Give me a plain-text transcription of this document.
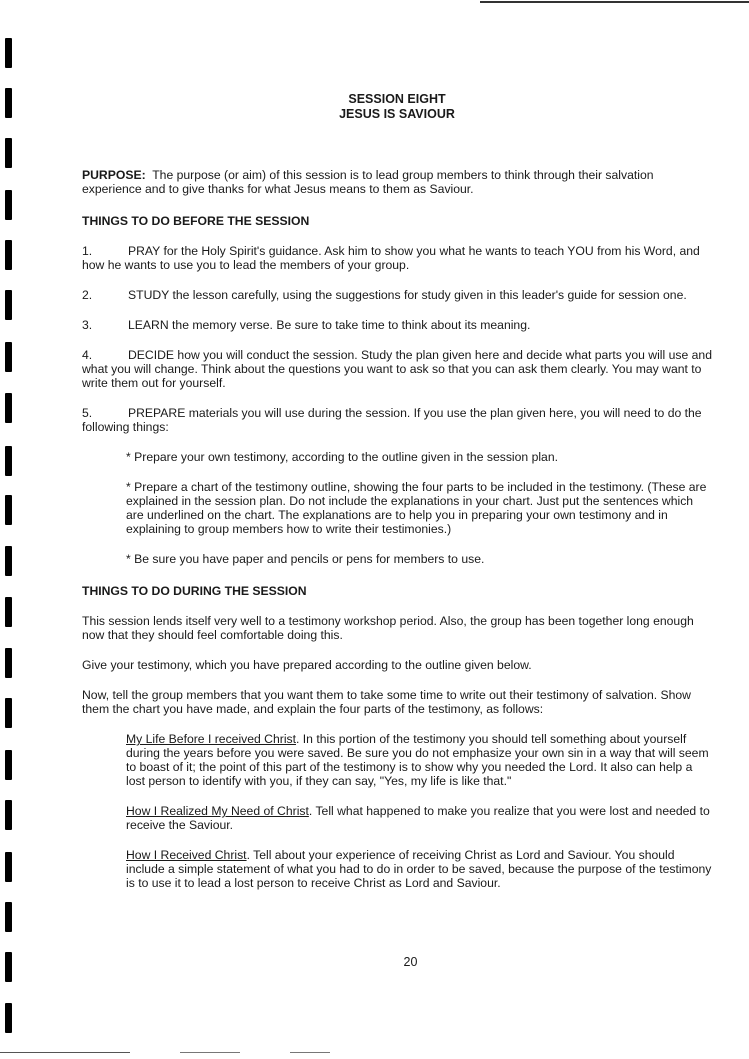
SESSION EIGHT
JESUS IS SAVIOUR

PURPOSE: The purpose (or aim) of this session is to lead group members to think through their salvation experience and to give thanks for what Jesus means to them as Saviour.

THINGS TO DO BEFORE THE SESSION

1.	PRAY for the Holy Spirit's guidance. Ask him to show you what he wants to teach YOU from his Word, and how he wants to use you to lead the members of your group.

2.	STUDY the lesson carefully, using the suggestions for study given in this leader's guide for session one.

3.	LEARN the memory verse. Be sure to take time to think about its meaning.

4.	DECIDE how you will conduct the session. Study the plan given here and decide what parts you will use and what you will change. Think about the questions you want to ask so that you can ask them clearly. You may want to write them out for yourself.

5.	PREPARE materials you will use during the session. If you use the plan given here, you will need to do the following things:

* Prepare your own testimony, according to the outline given in the session plan.

* Prepare a chart of the testimony outline, showing the four parts to be included in the testimony. (These are explained in the session plan. Do not include the explanations in your chart. Just put the sentences which are underlined on the chart. The explanations are to help you in preparing your own testimony and in explaining to group members how to write their testimonies.)

* Be sure you have paper and pencils or pens for members to use.

THINGS TO DO DURING THE SESSION

This session lends itself very well to a testimony workshop period. Also, the group has been together long enough now that they should feel comfortable doing this.

Give your testimony, which you have prepared according to the outline given below.

Now, tell the group members that you want them to take some time to write out their testimony of salvation. Show them the chart you have made, and explain the four parts of the testimony, as follows:

My Life Before I received Christ. In this portion of the testimony you should tell something about yourself during the years before you were saved. Be sure you do not emphasize your own sin in a way that will seem to boast of it; the point of this part of the testimony is to show why you needed the Lord. It also can help a lost person to identify with you, if they can say, "Yes, my life is like that."

How I Realized My Need of Christ. Tell what happened to make you realize that you were lost and needed to receive the Saviour.

How I Received Christ. Tell about your experience of receiving Christ as Lord and Saviour. You should include a simple statement of what you had to do in order to be saved, because the purpose of the testimony is to use it to lead a lost person to receive Christ as Lord and Saviour.

20
